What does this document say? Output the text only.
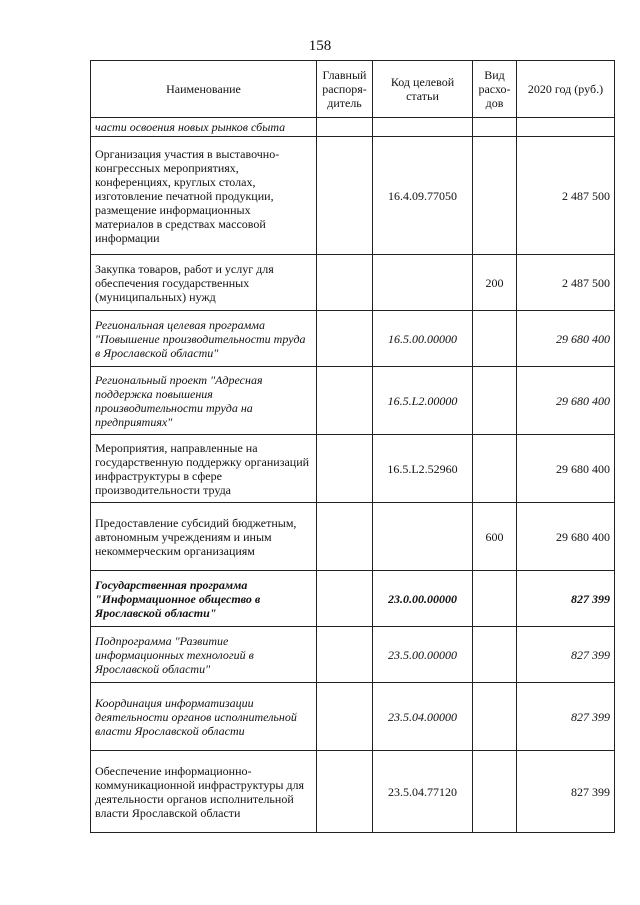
158
Наименование	Главный распоря-дитель	Код целевой статьи	Вид расхо-дов	2020 год (руб.)
части освоения новых рынков сбыта				
Организация участия в выставочно-конгрессных мероприятиях, конференциях, круглых столах, изготовление печатной продукции, размещение информационных материалов в средствах массовой информации		16.4.09.77050		2 487 500
Закупка товаров, работ и услуг для обеспечения государственных (муниципальных) нужд			200	2 487 500
Региональная целевая программа "Повышение производительности труда в Ярославской области"		16.5.00.00000		29 680 400
Региональный проект "Адресная поддержка повышения производительности труда на предприятиях"		16.5.L2.00000		29 680 400
Мероприятия, направленные на государственную поддержку организаций инфраструктуры в сфере производительности труда		16.5.L2.52960		29 680 400
Предоставление субсидий бюджетным, автономным учреждениям и иным некоммерческим организациям			600	29 680 400
Государственная программа "Информационное общество в Ярославской области"		23.0.00.00000		827 399
Подпрограмма "Развитие информационных технологий в Ярославской области"		23.5.00.00000		827 399
Координация информатизации деятельности органов исполнительной власти Ярославской области		23.5.04.00000		827 399
Обеспечение информационно-коммуникационной инфраструктуры для деятельности органов исполнительной власти Ярославской области		23.5.04.77120		827 399
